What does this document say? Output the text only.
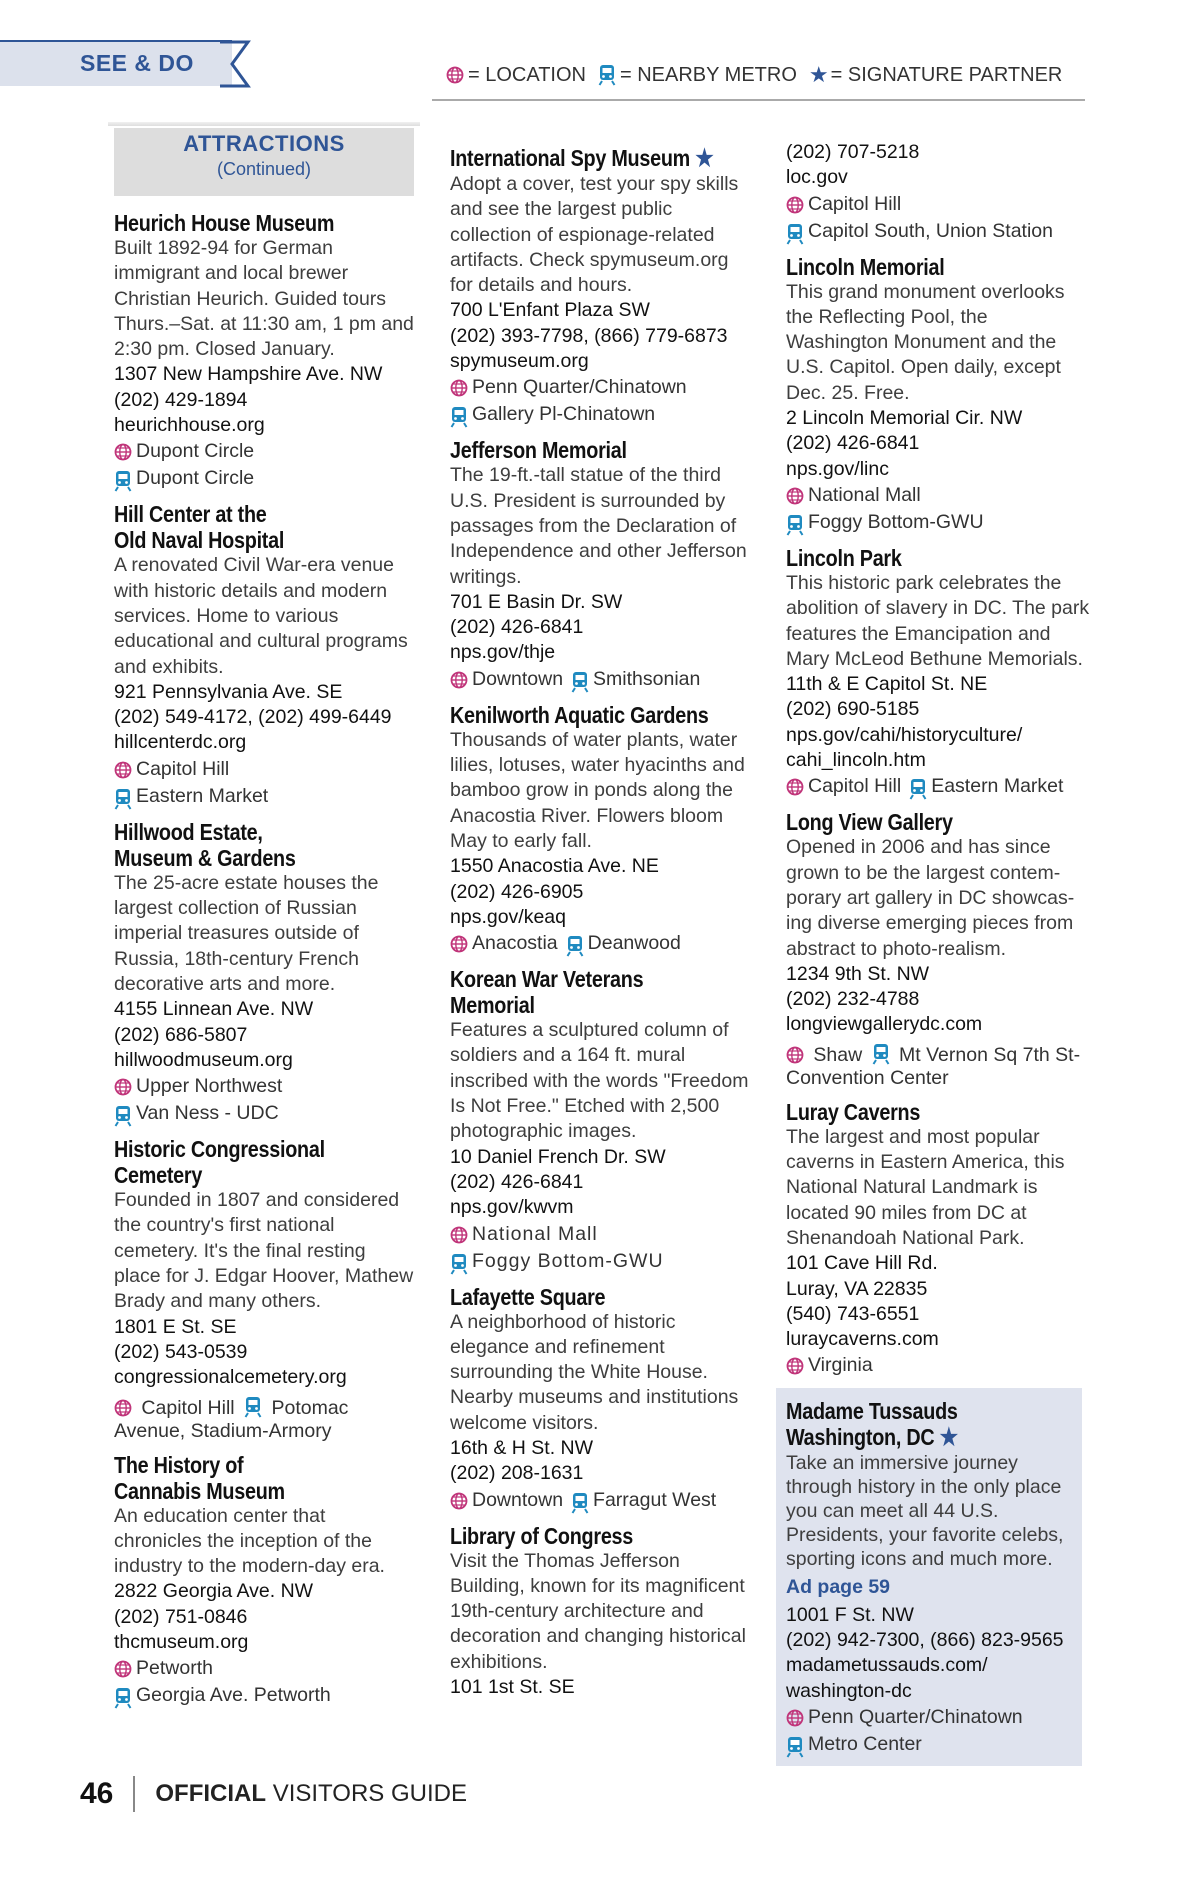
SEE & DO	= LOCATION = NEARBY METRO ★ = SIGNATURE PARTNER
ATTRACTIONS
(Continued)
Heurich House Museum
Built 1892-94 for German immigrant and local brewer Christian Heurich. Guided tours Thurs.–Sat. at 11:30 am, 1 pm and 2:30 pm. Closed January.
1307 New Hampshire Ave. NW
(202) 429-1894
heurichhouse.org
Dupont Circle
Dupont Circle
Hill Center at the
Old Naval Hospital
A renovated Civil War-era venue with historic details and modern services. Home to various educational and cultural programs and exhibits.
921 Pennsylvania Ave. SE
(202) 549-4172, (202) 499-6449
hillcenterdc.org
Capitol Hill
Eastern Market
Hillwood Estate,
Museum & Gardens
The 25-acre estate houses the largest collection of Russian imperial treasures outside of Russia, 18th-century French decorative arts and more.
4155 Linnean Ave. NW
(202) 686-5807
hillwoodmuseum.org
Upper Northwest
Van Ness - UDC
Historic Congressional
Cemetery
Founded in 1807 and considered the country's first national cemetery. It's the final resting place for J. Edgar Hoover, Mathew Brady and many others.
1801 E St. SE
(202) 543-0539
congressionalcemetery.org
Capitol Hill Potomac Avenue, Stadium-Armory
The History of
Cannabis Museum
An education center that chronicles the inception of the industry to the modern-day era.
2822 Georgia Ave. NW
(202) 751-0846
thcmuseum.org
Petworth
Georgia Ave. Petworth
International Spy Museum ★
Adopt a cover, test your spy skills and see the largest public collection of espionage-related artifacts. Check spymuseum.org for details and hours.
700 L'Enfant Plaza SW
(202) 393-7798, (866) 779-6873
spymuseum.org
Penn Quarter/Chinatown
Gallery Pl-Chinatown
Jefferson Memorial
The 19-ft.-tall statue of the third U.S. President is surrounded by passages from the Declaration of Independence and other Jefferson writings.
701 E Basin Dr. SW
(202) 426-6841
nps.gov/thje
Downtown Smithsonian
Kenilworth Aquatic Gardens
Thousands of water plants, water lilies, lotuses, water hyacinths and bamboo grow in ponds along the Anacostia River. Flowers bloom May to early fall.
1550 Anacostia Ave. NE
(202) 426-6905
nps.gov/keaq
Anacostia Deanwood
Korean War Veterans
Memorial
Features a sculptured column of soldiers and a 164 ft. mural inscribed with the words "Freedom Is Not Free." Etched with 2,500 photographic images.
10 Daniel French Dr. SW
(202) 426-6841
nps.gov/kwvm
National Mall
Foggy Bottom-GWU
Lafayette Square
A neighborhood of historic elegance and refinement surrounding the White House. Nearby museums and institutions welcome visitors.
16th & H St. NW
(202) 208-1631
Downtown Farragut West
Library of Congress
Visit the Thomas Jefferson Building, known for its magnificent 19th-century architecture and decoration and changing historical exhibitions.
101 1st St. SE
(202) 707-5218
loc.gov
Capitol Hill
Capitol South, Union Station
Lincoln Memorial
This grand monument overlooks the Reflecting Pool, the Washington Monument and the U.S. Capitol. Open daily, except Dec. 25. Free.
2 Lincoln Memorial Cir. NW
(202) 426-6841
nps.gov/linc
National Mall
Foggy Bottom-GWU
Lincoln Park
This historic park celebrates the abolition of slavery in DC. The park features the Emancipation and Mary McLeod Bethune Memorials.
11th & E Capitol St. NE
(202) 690-5185
nps.gov/cahi/historyculture/ cahi_lincoln.htm
Capitol Hill Eastern Market
Long View Gallery
Opened in 2006 and has since grown to be the largest contem- porary art gallery in DC showcas- ing diverse emerging pieces from abstract to photo-realism.
1234 9th St. NW
(202) 232-4788
longviewgallerydc.com
Shaw Mt Vernon Sq 7th St-Convention Center
Luray Caverns
The largest and most popular caverns in Eastern America, this National Natural Landmark is located 90 miles from DC at Shenandoah National Park.
101 Cave Hill Rd.
Luray, VA 22835
(540) 743-6551
luraycaverns.com
Virginia
Madame Tussauds
Washington, DC ★
Take an immersive journey through history in the only place you can meet all 44 U.S. Presidents, your favorite celebs, sporting icons and much more.
Ad page 59
1001 F St. NW
(202) 942-7300, (866) 823-9565
madametussauds.com/ washington-dc
Penn Quarter/Chinatown
Metro Center
46 OFFICIAL VISITORS GUIDE
